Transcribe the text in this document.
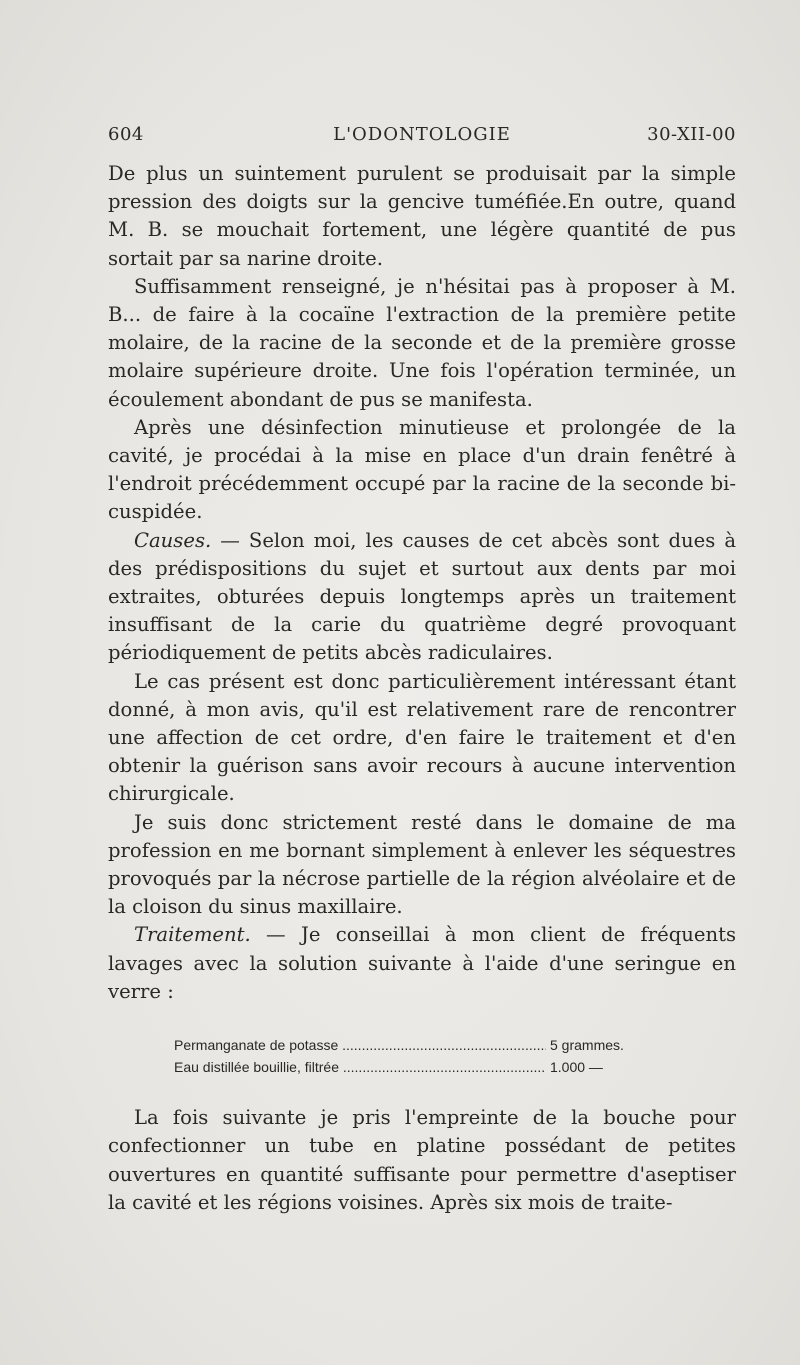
604	L'ODONTOLOGIE	30-XII-00

De plus un suintement purulent se produisait par la simple pression des doigts sur la gencive tuméfiée.En outre, quand M. B. se mouchait fortement, une légère quantité de pus sortait par sa narine droite.

Suffisamment renseigné, je n'hésitai pas à proposer à M. B... de faire à la cocaïne l'extraction de la première petite molaire, de la racine de la seconde et de la première grosse molaire supérieure droite. Une fois l'opération terminée, un écoulement abondant de pus se manifesta.

Après une désinfection minutieuse et prolongée de la cavité, je procédai à la mise en place d'un drain fenêtré à l'endroit précédemment occupé par la racine de la seconde bi-cuspidée.

Causes. — Selon moi, les causes de cet abcès sont dues à des prédispositions du sujet et surtout aux dents par moi extraites, obturées depuis longtemps après un traitement insuffisant de la carie du quatrième degré provoquant périodiquement de petits abcès radiculaires.

Le cas présent est donc particulièrement intéressant étant donné, à mon avis, qu'il est relativement rare de rencontrer une affection de cet ordre, d'en faire le traitement et d'en obtenir la guérison sans avoir recours à aucune intervention chirurgicale.

Je suis donc strictement resté dans le domaine de ma profession en me bornant simplement à enlever les séquestres provoqués par la nécrose partielle de la région alvéolaire et de la cloison du sinus maxillaire.

Traitement. — Je conseillai à mon client de fréquents lavages avec la solution suivante à l'aide d'une seringue en verre :

Permanganate de potasse .....	5 grammes.
Eau distillée bouillie, filtrée .....	1.000 —

La fois suivante je pris l'empreinte de la bouche pour confectionner un tube en platine possédant de petites ouvertures en quantité suffisante pour permettre d'aseptiser la cavité et les régions voisines. Après six mois de traite-
